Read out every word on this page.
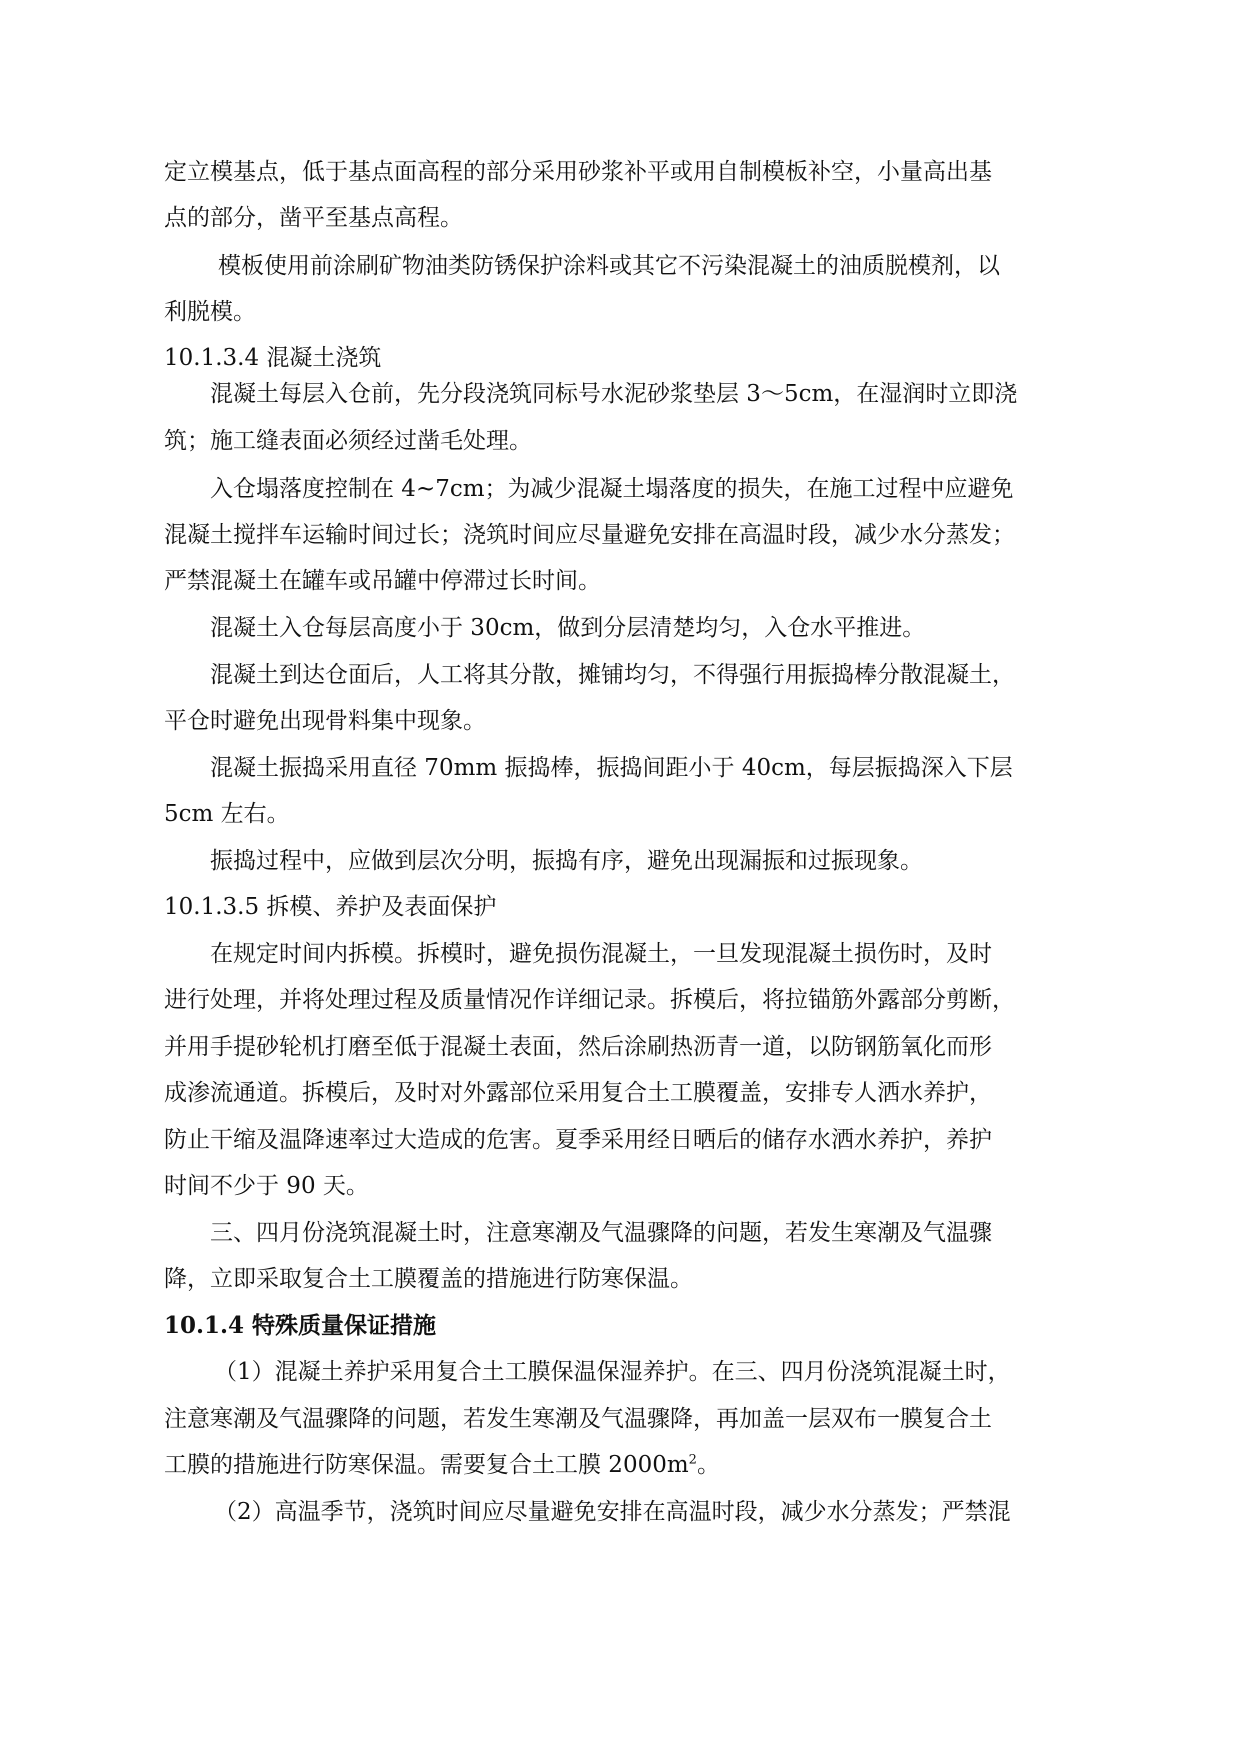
定立模基点，低于基点面高程的部分采用砂浆补平或用自制模板补空，小量高出基
点的部分，凿平至基点高程。
模板使用前涂刷矿物油类防锈保护涂料或其它不污染混凝土的油质脱模剂，以
利脱模。
10.1.3.4 混凝土浇筑
混凝土每层入仓前，先分段浇筑同标号水泥砂浆垫层 3～5cm，在湿润时立即浇
筑；施工缝表面必须经过凿毛处理。
入仓塌落度控制在 4~7cm；为减少混凝土塌落度的损失，在施工过程中应避免
混凝土搅拌车运输时间过长；浇筑时间应尽量避免安排在高温时段，减少水分蒸发；
严禁混凝土在罐车或吊罐中停滞过长时间。
混凝土入仓每层高度小于 30cm，做到分层清楚均匀，入仓水平推进。
混凝土到达仓面后，人工将其分散，摊铺均匀，不得强行用振捣棒分散混凝土，
平仓时避免出现骨料集中现象。
混凝土振捣采用直径 70mm 振捣棒，振捣间距小于 40cm，每层振捣深入下层
5cm 左右。
振捣过程中，应做到层次分明，振捣有序，避免出现漏振和过振现象。
10.1.3.5 拆模、养护及表面保护
在规定时间内拆模。拆模时，避免损伤混凝土，一旦发现混凝土损伤时，及时
进行处理，并将处理过程及质量情况作详细记录。拆模后，将拉锚筋外露部分剪断，
并用手提砂轮机打磨至低于混凝土表面，然后涂刷热沥青一道，以防钢筋氧化而形
成渗流通道。拆模后，及时对外露部位采用复合土工膜覆盖，安排专人洒水养护，
防止干缩及温降速率过大造成的危害。夏季采用经日晒后的储存水洒水养护，养护
时间不少于 90 天。
三、四月份浇筑混凝土时，注意寒潮及气温骤降的问题，若发生寒潮及气温骤
降，立即采取复合土工膜覆盖的措施进行防寒保温。
10.1.4 特殊质量保证措施
（1）混凝土养护采用复合土工膜保温保湿养护。在三、四月份浇筑混凝土时，
注意寒潮及气温骤降的问题，若发生寒潮及气温骤降，再加盖一层双布一膜复合土
工膜的措施进行防寒保温。需要复合土工膜 $2000m^2$。
（2）高温季节，浇筑时间应尽量避免安排在高温时段，减少水分蒸发；严禁混
